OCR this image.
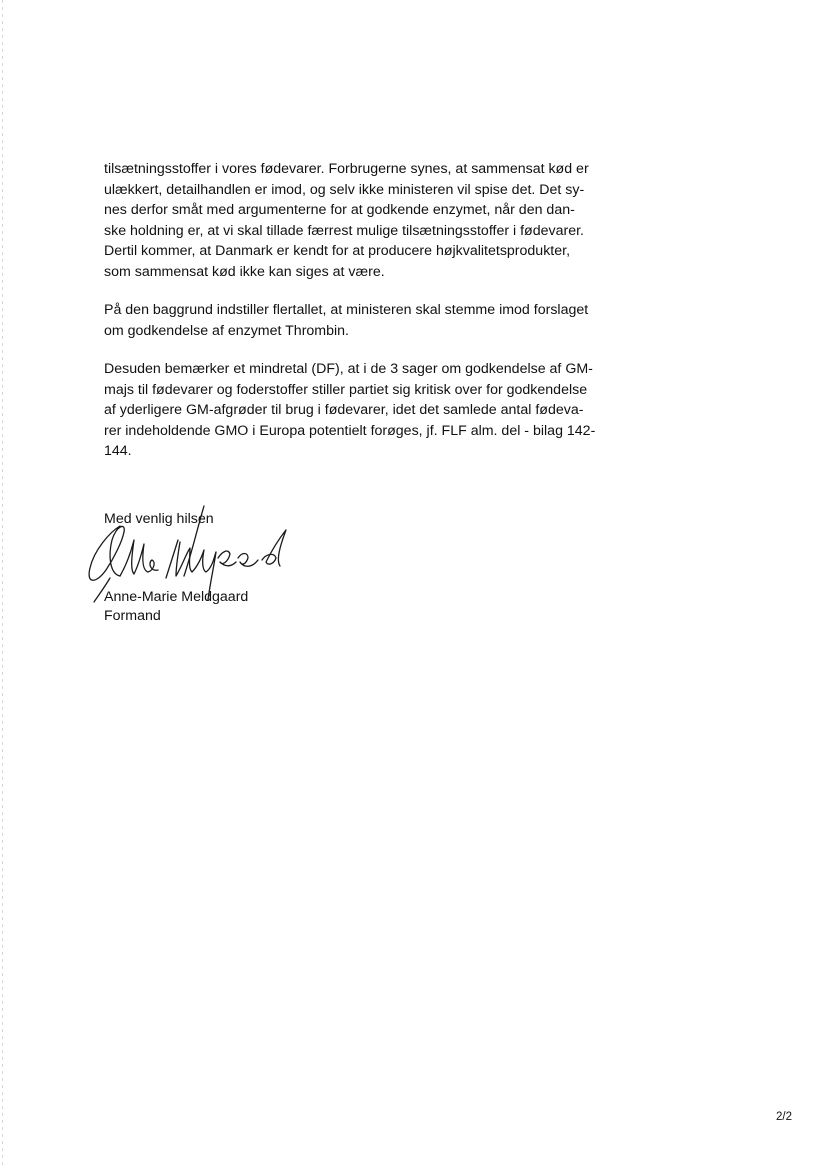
tilsætningsstoffer i vores fødevarer. Forbrugerne synes, at sammensat kød er
ulækkert, detailhandlen er imod, og selv ikke ministeren vil spise det. Det sy-
nes derfor småt med argumenterne for at godkende enzymet, når den dan-
ske holdning er, at vi skal tillade færrest mulige tilsætningsstoffer i fødevarer.
Dertil kommer, at Danmark er kendt for at producere højkvalitetsprodukter,
som sammensat kød ikke kan siges at være.

På den baggrund indstiller flertallet, at ministeren skal stemme imod forslaget
om godkendelse af enzymet Thrombin.

Desuden bemærker et mindretal (DF), at i de 3 sager om godkendelse af GM-
majs til fødevarer og foderstoffer stiller partiet sig kritisk over for godkendelse
af yderligere GM-afgrøder til brug i fødevarer, idet det samlede antal fødeva-
rer indeholdende GMO i Europa potentielt forøges, jf. FLF alm. del - bilag 142-
144.

Med venlig hilsen
Anne-Marie Meldgaard
Formand
2/2
